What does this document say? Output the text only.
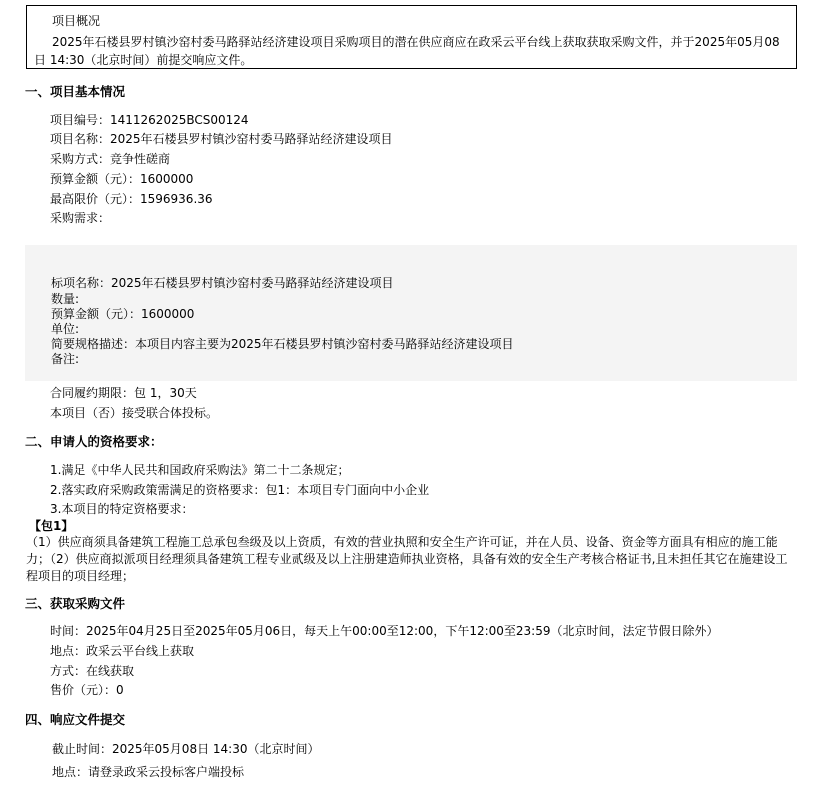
项目概况
2025年石楼县罗村镇沙窑村委马路驿站经济建设项目采购项目的潜在供应商应在政采云平台线上获取获取采购文件，并于2025年05月08日 14:30（北京时间）前提交响应文件。
一、项目基本情况
项目编号：1411262025BCS00124
项目名称：2025年石楼县罗村镇沙窑村委马路驿站经济建设项目
采购方式：竞争性磋商
预算金额（元）：1600000
最高限价（元）：1596936.36
采购需求：
标项名称：2025年石楼县罗村镇沙窑村委马路驿站经济建设项目
数量:
预算金额（元）：1600000
单位:
简要规格描述：本项目内容主要为2025年石楼县罗村镇沙窑村委马路驿站经济建设项目
备注:
合同履约期限：包 1，30天
本项目（否）接受联合体投标。
二、申请人的资格要求：
1.满足《中华人民共和国政府采购法》第二十二条规定；
2.落实政府采购政策需满足的资格要求：包1：本项目专门面向中小企业
3.本项目的特定资格要求：
【包1】
（1）供应商须具备建筑工程施工总承包叁级及以上资质，有效的营业执照和安全生产许可证，并在人员、设备、资金等方面具有相应的施工能力；（2）供应商拟派项目经理须具备建筑工程专业贰级及以上注册建造师执业资格，具备有效的安全生产考核合格证书,且未担任其它在施建设工程项目的项目经理；
三、获取采购文件
时间：2025年04月25日至2025年05月06日，每天上午00:00至12:00，下午12:00至23:59（北京时间，法定节假日除外）
地点：政采云平台线上获取
方式：在线获取
售价（元）：0
四、响应文件提交
截止时间：2025年05月08日 14:30（北京时间）
地点：请登录政采云投标客户端投标
